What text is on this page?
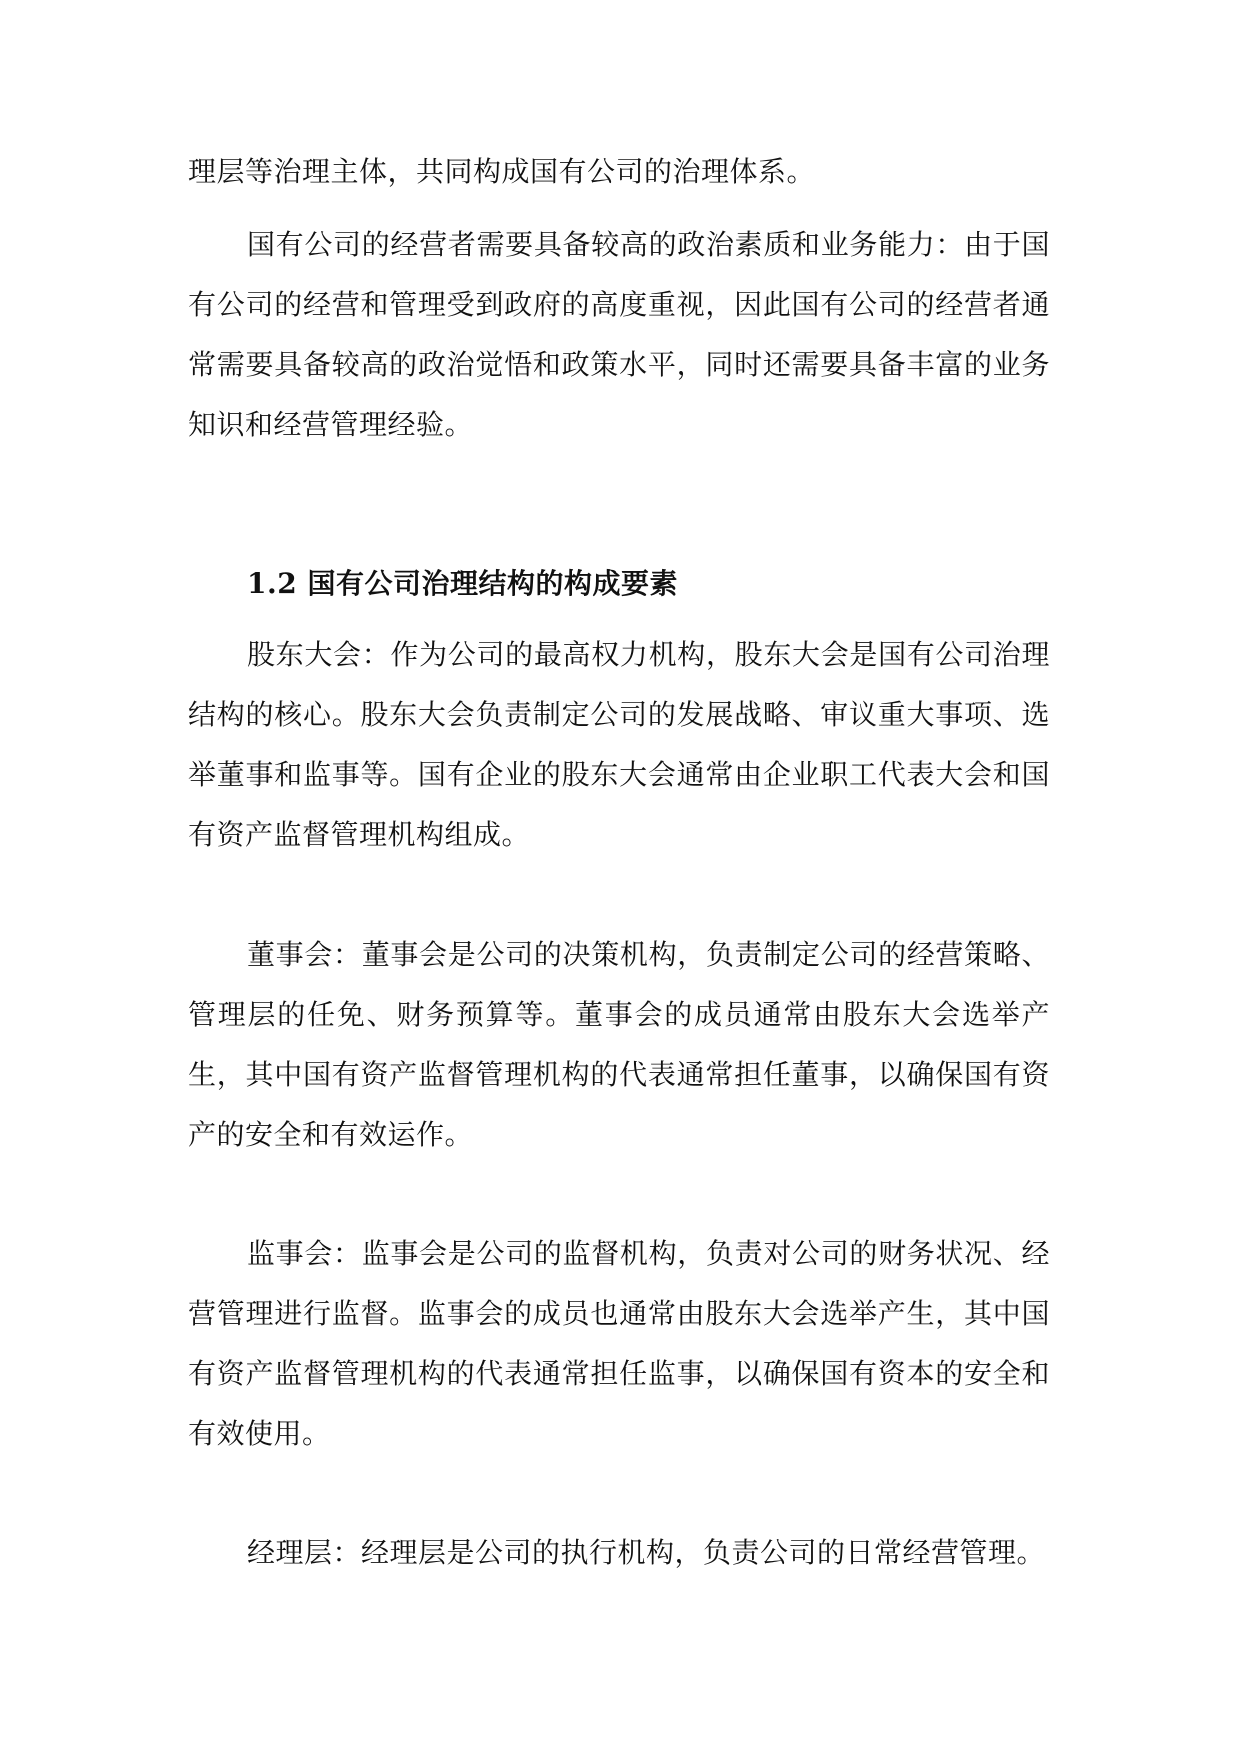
理层等治理主体，共同构成国有公司的治理体系。

国有公司的经营者需要具备较高的政治素质和业务能力：由于国有公司的经营和管理受到政府的高度重视，因此国有公司的经营者通常需要具备较高的政治觉悟和政策水平，同时还需要具备丰富的业务知识和经营管理经验。

1.2 国有公司治理结构的构成要素

股东大会：作为公司的最高权力机构，股东大会是国有公司治理结构的核心。股东大会负责制定公司的发展战略、审议重大事项、选举董事和监事等。国有企业的股东大会通常由企业职工代表大会和国有资产监督管理机构组成。

董事会：董事会是公司的决策机构，负责制定公司的经营策略、管理层的任免、财务预算等。董事会的成员通常由股东大会选举产生，其中国有资产监督管理机构的代表通常担任董事，以确保国有资产的安全和有效运作。

监事会：监事会是公司的监督机构，负责对公司的财务状况、经营管理进行监督。监事会的成员也通常由股东大会选举产生，其中国有资产监督管理机构的代表通常担任监事，以确保国有资本的安全和有效使用。

经理层：经理层是公司的执行机构，负责公司的日常经营管理。
